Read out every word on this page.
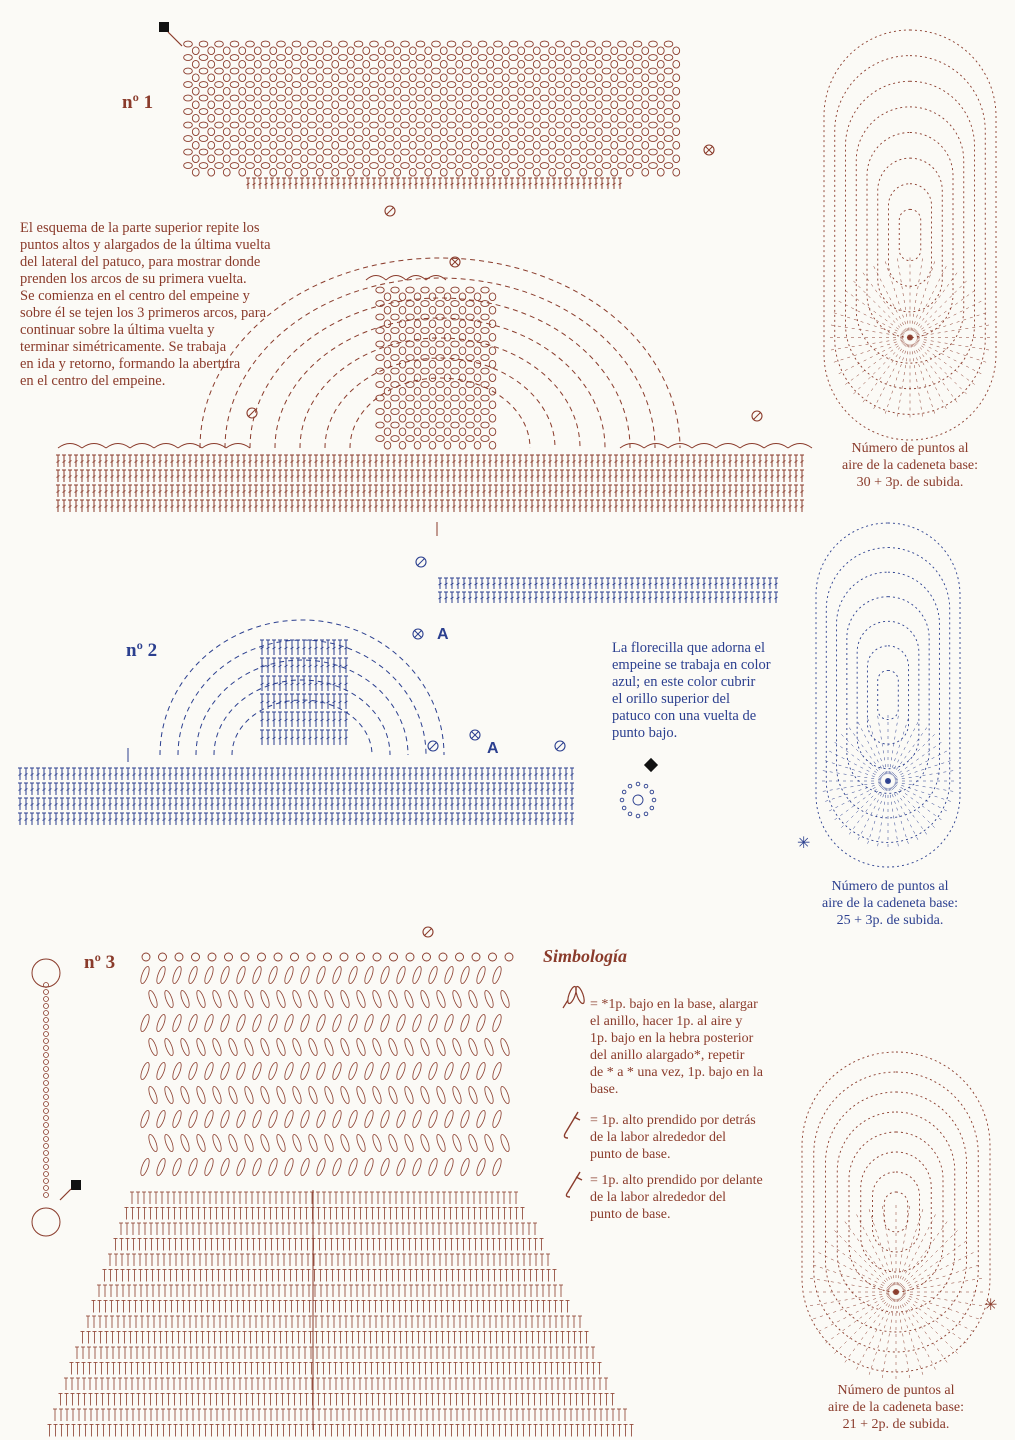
nº 1
nº 2
nº 3
El esquema de la parte superior repite los
puntos altos y alargados de la última vuelta
del lateral del patuco, para mostrar donde
prenden los arcos de su primera vuelta.
Se comienza en el centro del empeine y
sobre él se tejen los 3 primeros arcos, para
continuar sobre la última vuelta y
terminar simétricamente. Se trabaja
en ida y retorno, formando la abertura
en el centro del empeine.
La florecilla que adorna el
empeine se trabaja en color
azul; en este color cubrir
el orillo superior del
patuco con una vuelta de
punto bajo.
A
A
Número de puntos al
aire de la cadeneta base:
30 + 3p. de subida.
Número de puntos al
aire de la cadeneta base:
25 + 3p. de subida.
Número de puntos al
aire de la cadeneta base:
21 + 2p. de subida.
Simbología
= *1p. bajo en la base, alargar
el anillo, hacer 1p. al aire y
1p. bajo en la hebra posterior
del anillo alargado*, repetir
de * a * una vez, 1p. bajo en la
base.
= 1p. alto prendido por detrás
de la labor alrededor del
punto de base.
= 1p. alto prendido por delante
de la labor alrededor del
punto de base.
✳
✳
